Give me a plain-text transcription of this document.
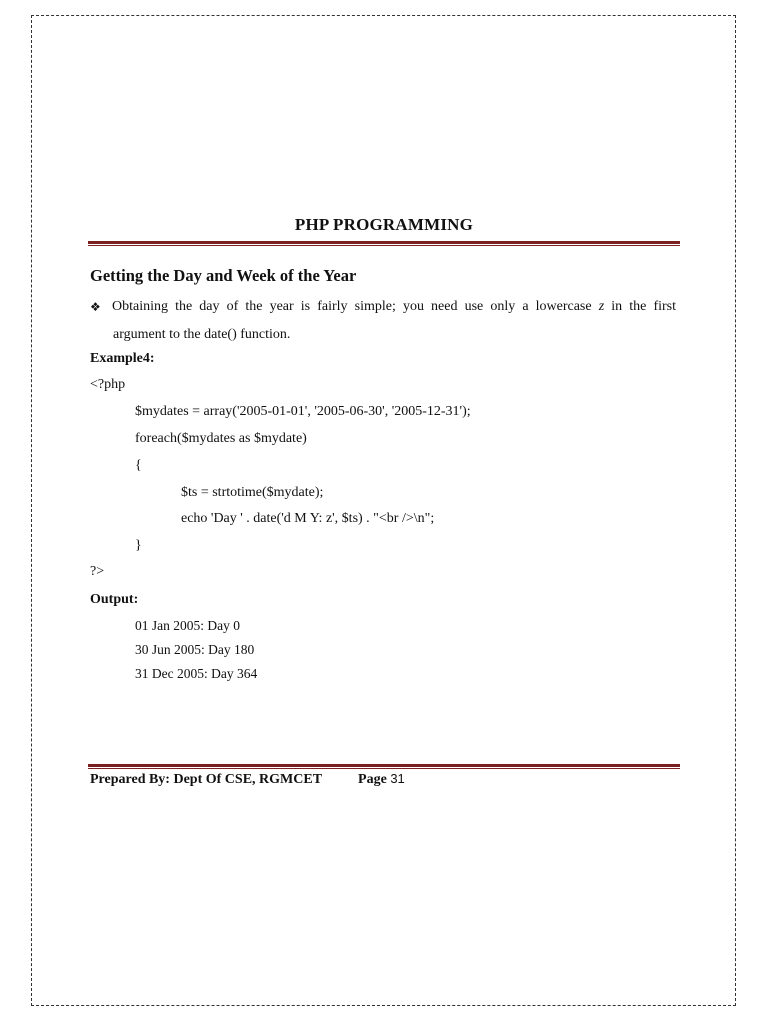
PHP PROGRAMMING
Getting the Day and Week of the Year
❖ Obtaining the day of the year is fairly simple; you need use only a lowercase z in the first
argument to the date() function.
Example4:
<?php
$mydates = array('2005-01-01', '2005-06-30', '2005-12-31');
foreach($mydates as $mydate)
{
$ts = strtotime($mydate);
echo 'Day ' . date('d M Y: z', $ts) . "<br />\n";
}
?>
Output:
01 Jan 2005: Day 0
30 Jun 2005: Day 180
31 Dec 2005: Day 364
Prepared By: Dept Of CSE, RGMCET	Page 31
